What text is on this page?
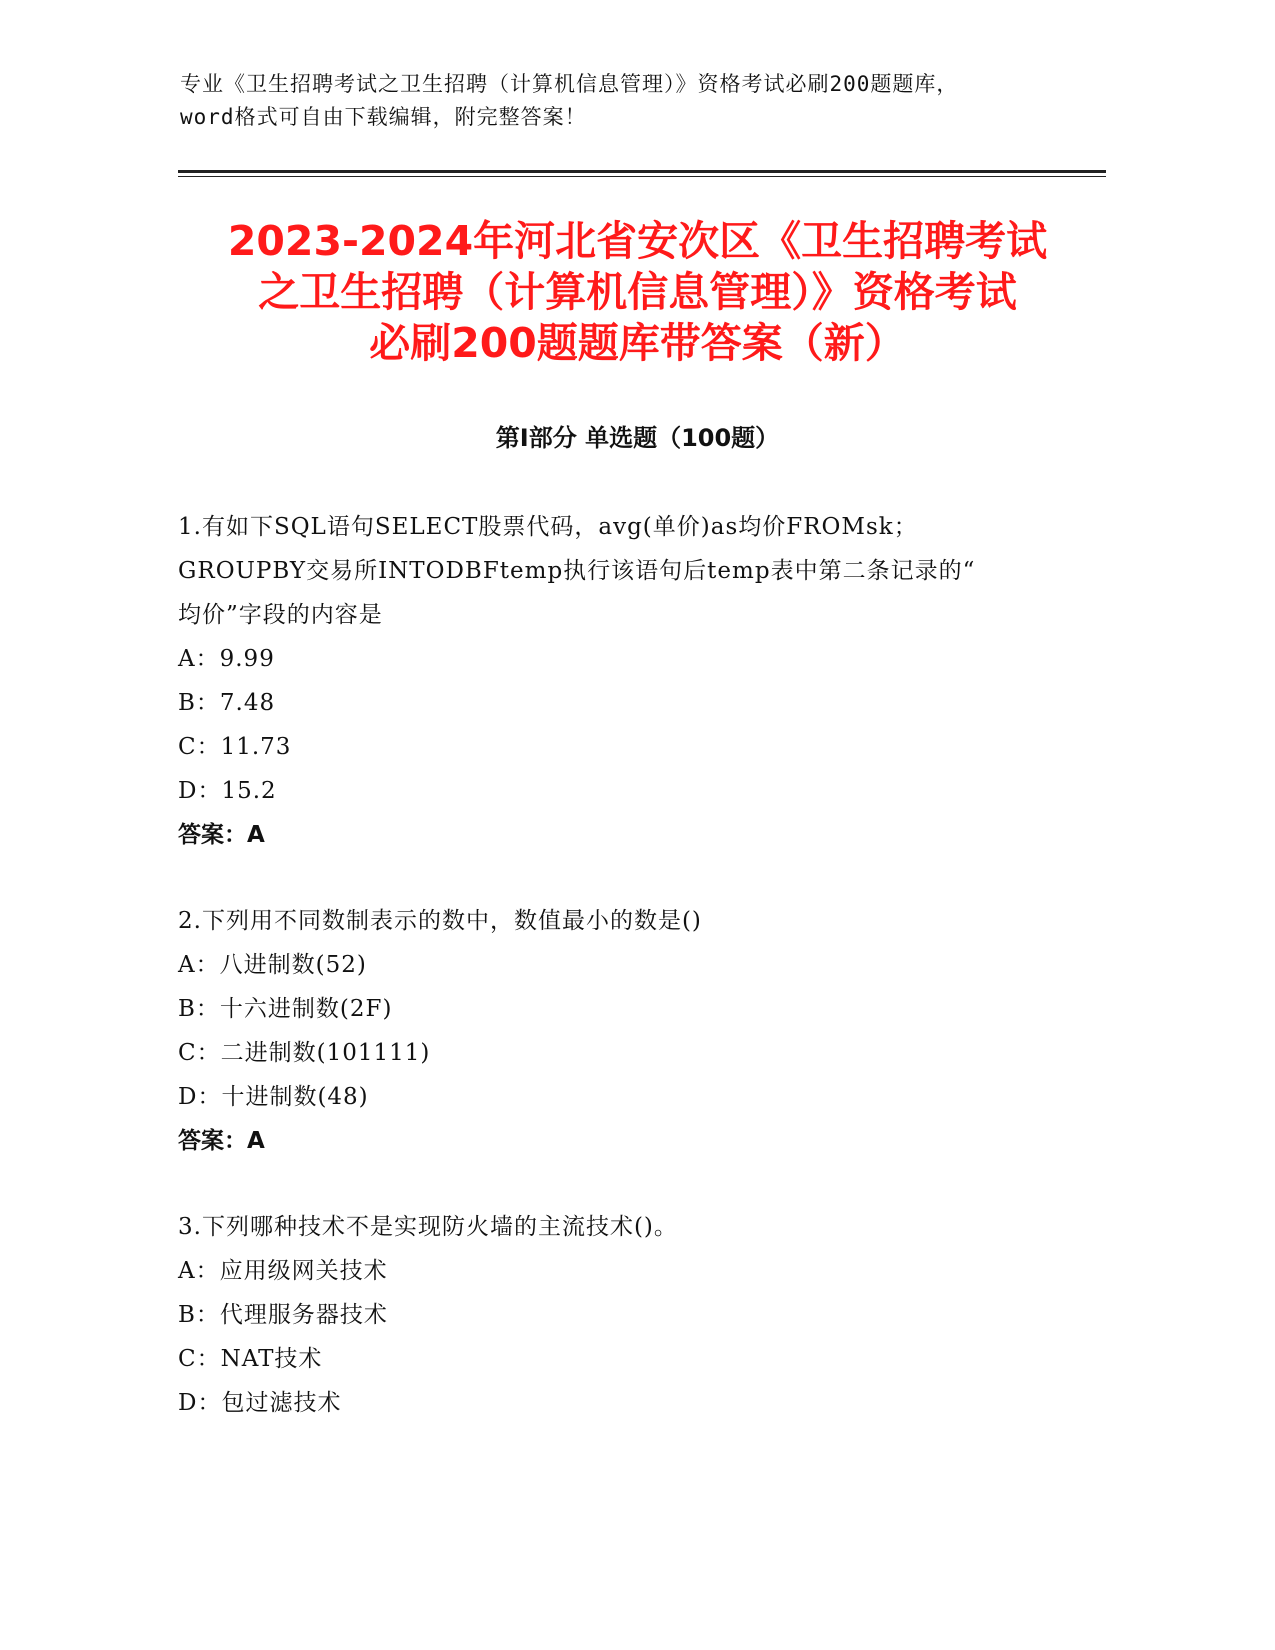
专业《卫生招聘考试之卫生招聘（计算机信息管理）》资格考试必刷200题题库，
word格式可自由下载编辑，附完整答案！
2023-2024年河北省安次区《卫生招聘考试
之卫生招聘（计算机信息管理）》资格考试
必刷200题题库带答案（新）
第Ⅰ部分 单选题（100题）
1.有如下SQL语句SELECT股票代码，avg(单价)as均价FROMsk；
GROUPBY交易所INTODBFtemp执行该语句后temp表中第二条记录的“
均价”字段的内容是
A：9.99
B：7.48
C：11.73
D：15.2
答案：A
2.下列用不同数制表示的数中，数值最小的数是()
A：八进制数(52)
B：十六进制数(2F)
C：二进制数(101111)
D：十进制数(48)
答案：A
3.下列哪种技术不是实现防火墙的主流技术()。
A：应用级网关技术
B：代理服务器技术
C：NAT技术
D：包过滤技术
